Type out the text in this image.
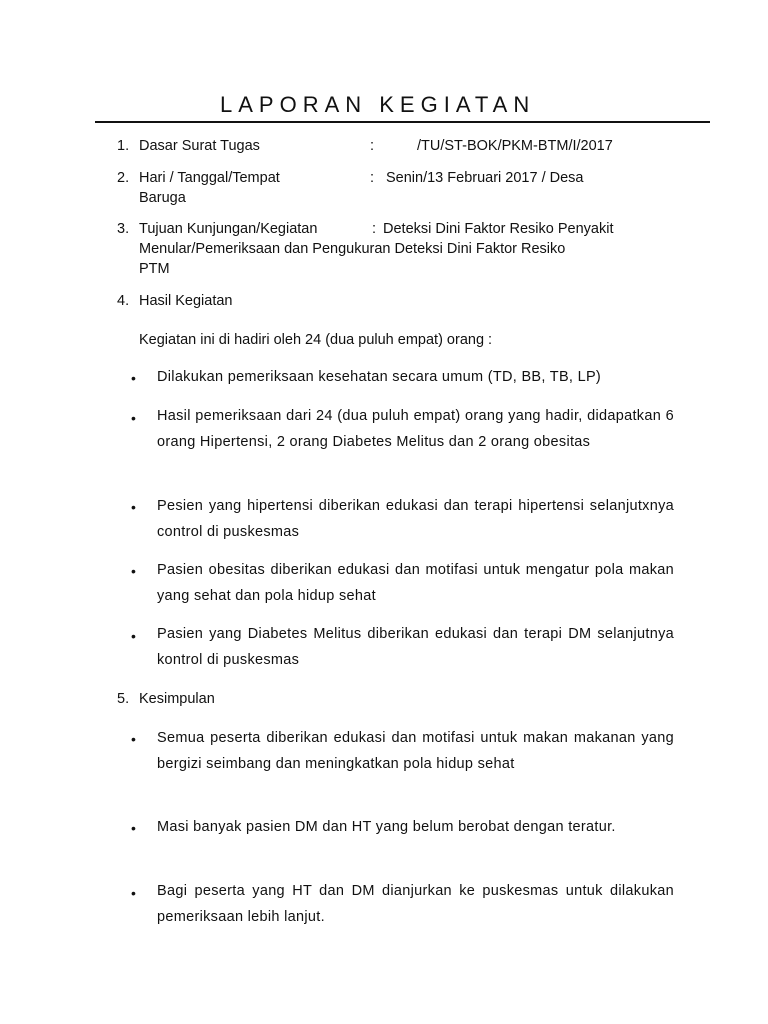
LAPORAN KEGIATAN
1. Dasar Surat Tugas	:	/TU/ST-BOK/PKM-BTM/I/2017
2. Hari / Tanggal/Tempat	: Senin/13 Februari 2017 / Desa
Baruga
3. Tujuan Kunjungan/Kegiatan	: Deteksi Dini Faktor Resiko Penyakit
Menular/Pemeriksaan dan Pengukuran Deteksi Dini Faktor Resiko
PTM
4. Hasil Kegiatan
Kegiatan ini di hadiri oleh 24 (dua puluh empat) orang :
• Dilakukan pemeriksaan kesehatan secara umum (TD, BB, TB, LP)
• Hasil pemeriksaan dari 24 (dua puluh empat) orang yang hadir, didapatkan 6 orang Hipertensi, 2 orang Diabetes Melitus dan 2 orang obesitas
• Pesien yang hipertensi diberikan edukasi dan terapi hipertensi selanjutxnya control di puskesmas
• Pasien obesitas diberikan edukasi dan motifasi untuk mengatur pola makan yang sehat dan pola hidup sehat
• Pasien yang Diabetes Melitus diberikan edukasi dan terapi DM selanjutnya kontrol di puskesmas
5. Kesimpulan
• Semua peserta diberikan edukasi dan motifasi untuk makan makanan yang bergizi seimbang dan meningkatkan pola hidup sehat
• Masi banyak pasien DM dan HT yang belum berobat dengan teratur.
• Bagi peserta yang HT dan DM dianjurkan ke puskesmas untuk dilakukan pemeriksaan lebih lanjut.
